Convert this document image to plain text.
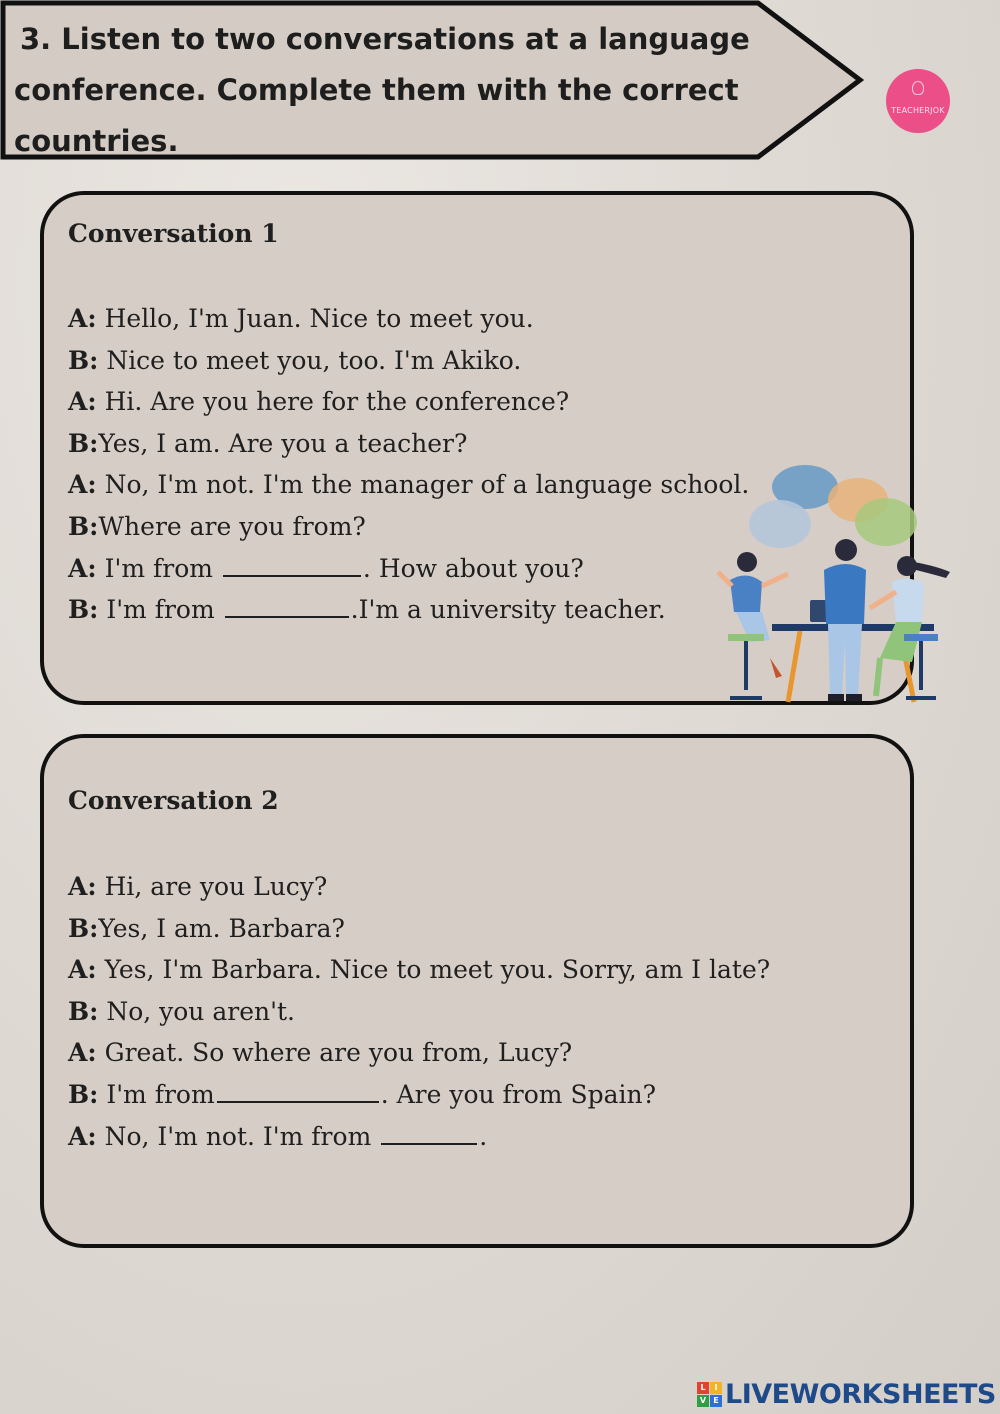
3. Listen to two conversations at a language
conference. Complete them with the correct countries.
TEACHERJOK
Conversation 1
A: Hello, I'm Juan. Nice to meet you.
B: Nice to meet you, too. I'm Akiko.
A: Hi. Are you here for the conference?
B:Yes, I am. Are you a teacher?
A: No, I'm not. I'm the manager of a language school.
B:Where are you from?
A: I'm from	. How about you?
B: I'm from	.I'm a university teacher.
Conversation 2
A: Hi, are you Lucy?
B:Yes, I am. Barbara?
A: Yes, I'm Barbara. Nice to meet you. Sorry, am I late?
B: No, you aren't.
A: Great. So where are you from, Lucy?
B: I'm from	. Are you from Spain?
A: No, I'm not. I'm from	.
L	I
V E LIVEWORKSHEETS
